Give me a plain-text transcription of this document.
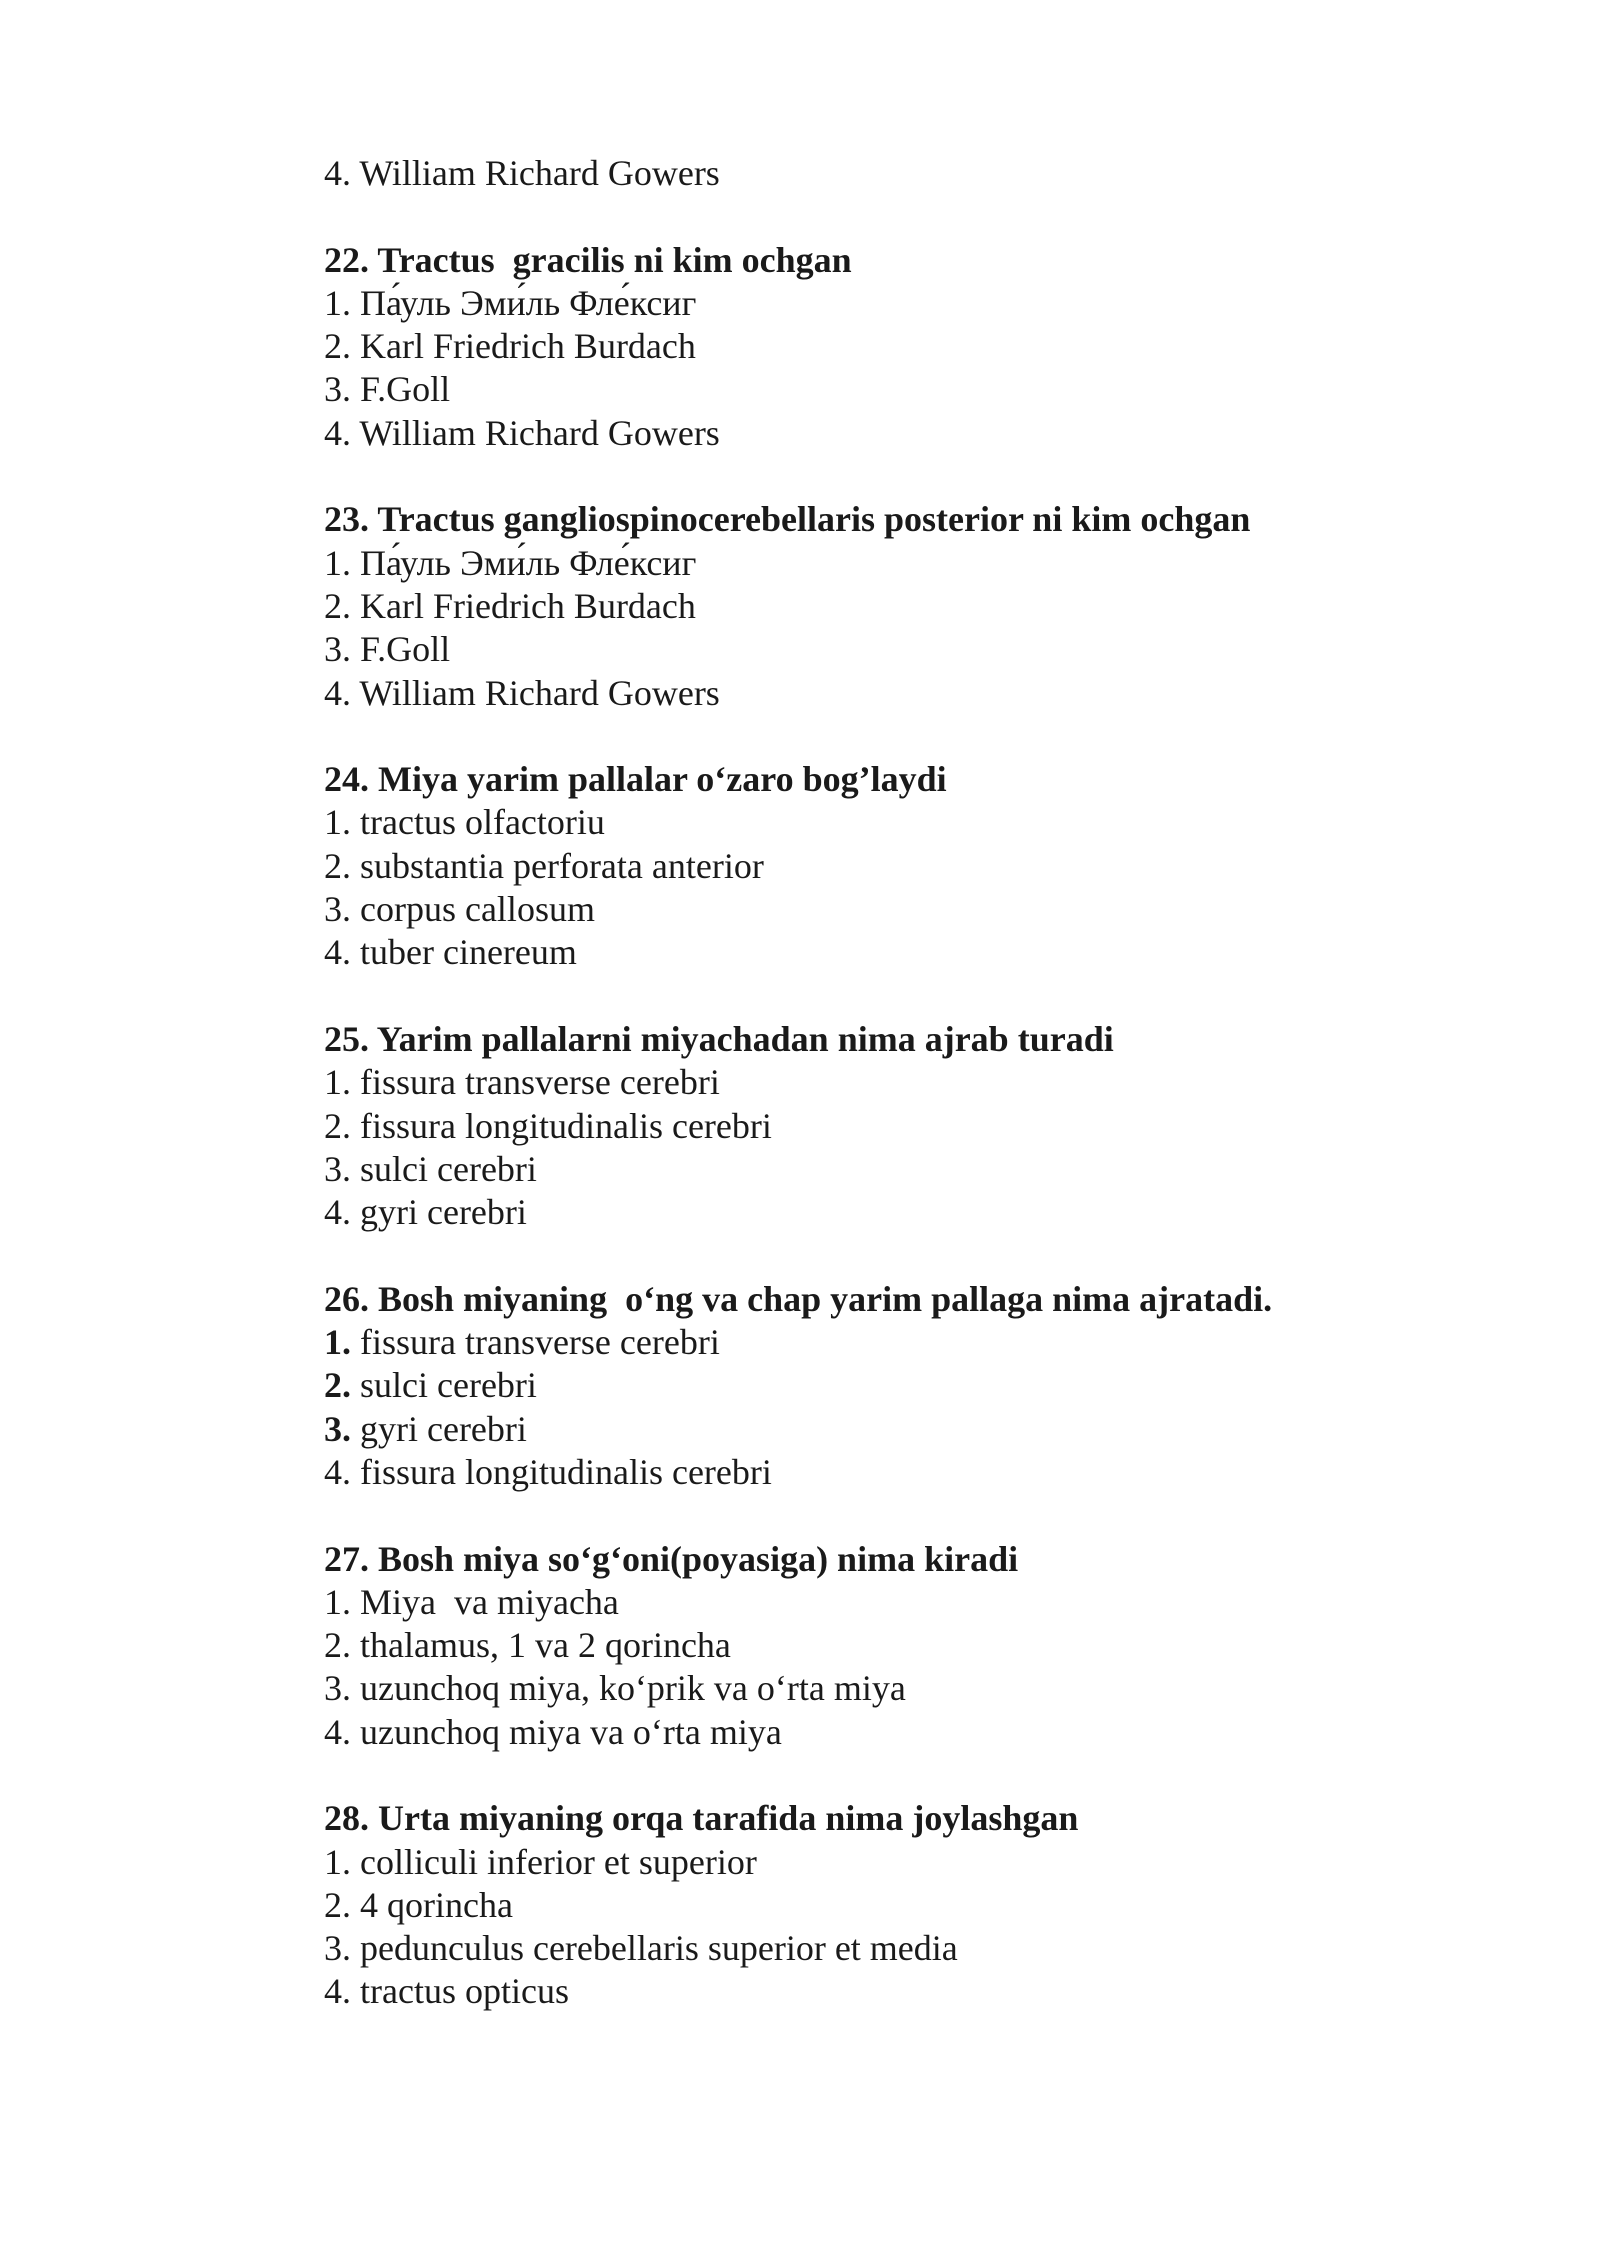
4. William Richard Gowers
22. Tractus  gracilis ni kim ochgan
1. Па́уль Эми́ль Фле́ксиг
2. Karl Friedrich Burdach
3. F.Goll
4. William Richard Gowers
23. Tractus gangliospinocerebellaris posterior ni kim ochgan
1. Па́уль Эми́ль Фле́ксиг
2. Karl Friedrich Burdach
3. F.Goll
4. William Richard Gowers
24. Miya yarim pallalar o‘zaro bog’laydi
1. tractus olfactoriu
2. substantia perforata anterior
3. corpus callosum
4. tuber cinereum
25. Yarim pallalarni miyachadan nima ajrab turadi
1. fissura transverse cerebri
2. fissura longitudinalis cerebri
3. sulci cerebri
4. gyri cerebri
26. Bosh miyaning  o‘ng va chap yarim pallaga nima ajratadi.
1. fissura transverse cerebri
2. sulci cerebri
3. gyri cerebri
4. fissura longitudinalis cerebri
27. Bosh miya so‘g‘oni(poyasiga) nima kiradi
1. Miya  va miyacha
2. thalamus, 1 va 2 qorincha
3. uzunchoq miya, ko‘prik va o‘rta miya
4. uzunchoq miya va o‘rta miya
28. Urta miyaning orqa tarafida nima joylashgan
1. colliculi inferior et superior
2. 4 qorincha
3. pedunculus cerebellaris superior et media
4. tractus opticus
